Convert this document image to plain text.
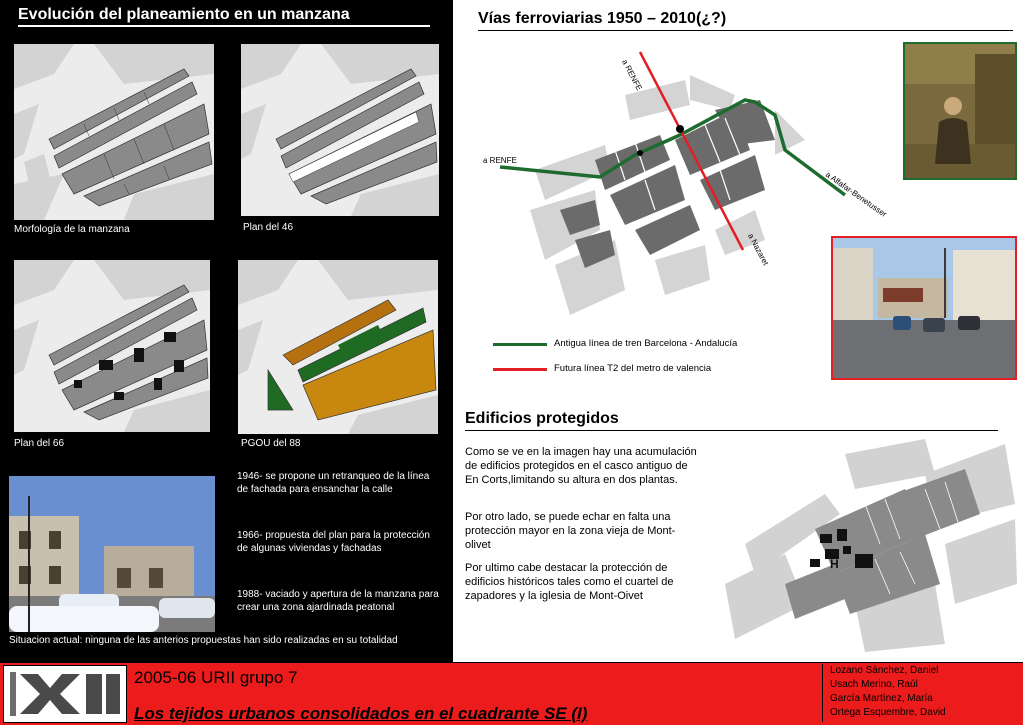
Evolución del planeamiento en un manzana
Morfología de la manzana	Plan del 46
Plan del 66	PGOU del 88
1946- se propone un retranqueo de la línea de fachada para ensanchar la calle
1966- propuesta del plan para la protección de algunas viviendas y fachadas
1988- vaciado y apertura de la manzana para crear una zona ajardinada peatonal
Situacion actual: ninguna de las anterios propuestas han sido realizadas en su totalidad
Vías ferroviarias 1950 – 2010(¿?)
a RENFE
a RENFE
a Alfafar-Benetusser
a Nazaret
Antigua línea de tren Barcelona - Andalucía
Futura línea T2 del metro de valencia
Edificios protegidos
Como se ve en la imagen hay una acumulación de edificios protegidos en el casco antiguo de En Corts,limitando su altura en dos plantas.
Por otro lado, se puede echar en falta una protección mayor en la zona vieja de Mont-olivet
Por ultimo cabe destacar la protección de edificios históricos tales como el cuartel de zapadores y la iglesia de Mont-Oivet
H
2005-06 URII grupo 7
Los tejidos urbanos consolidados en el cuadrante SE (I)
Lozano Sánchez, Daniel
Usach Merino, Raúl
García Martínez, María
Ortega Esquembre, David
